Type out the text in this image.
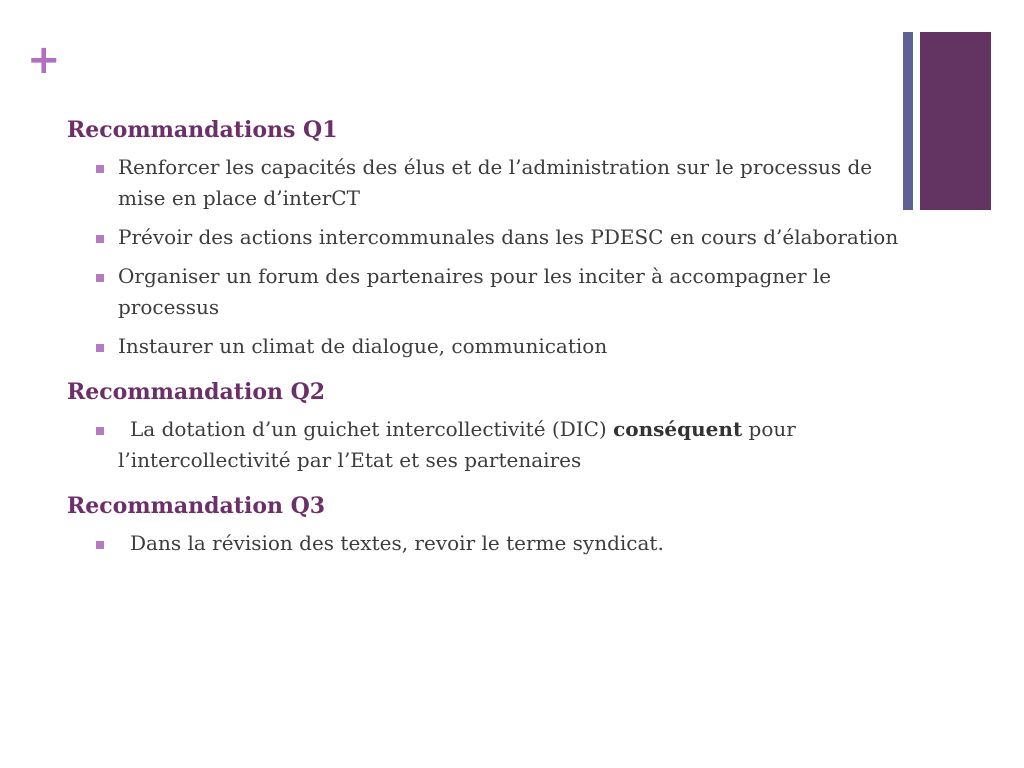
+
Recommandations Q1
Renforcer les capacités des élus et de l’administration sur le processus de mise en place d’interCT
Prévoir des actions intercommunales dans les PDESC en cours d’élaboration
Organiser un forum des partenaires pour les inciter à accompagner le processus
Instaurer un climat de dialogue, communication
Recommandation Q2
La dotation d’un guichet intercollectivité (DIC) conséquent pour l’intercollectivité par l’Etat et ses partenaires
Recommandation Q3
Dans la révision des textes, revoir le terme syndicat.
